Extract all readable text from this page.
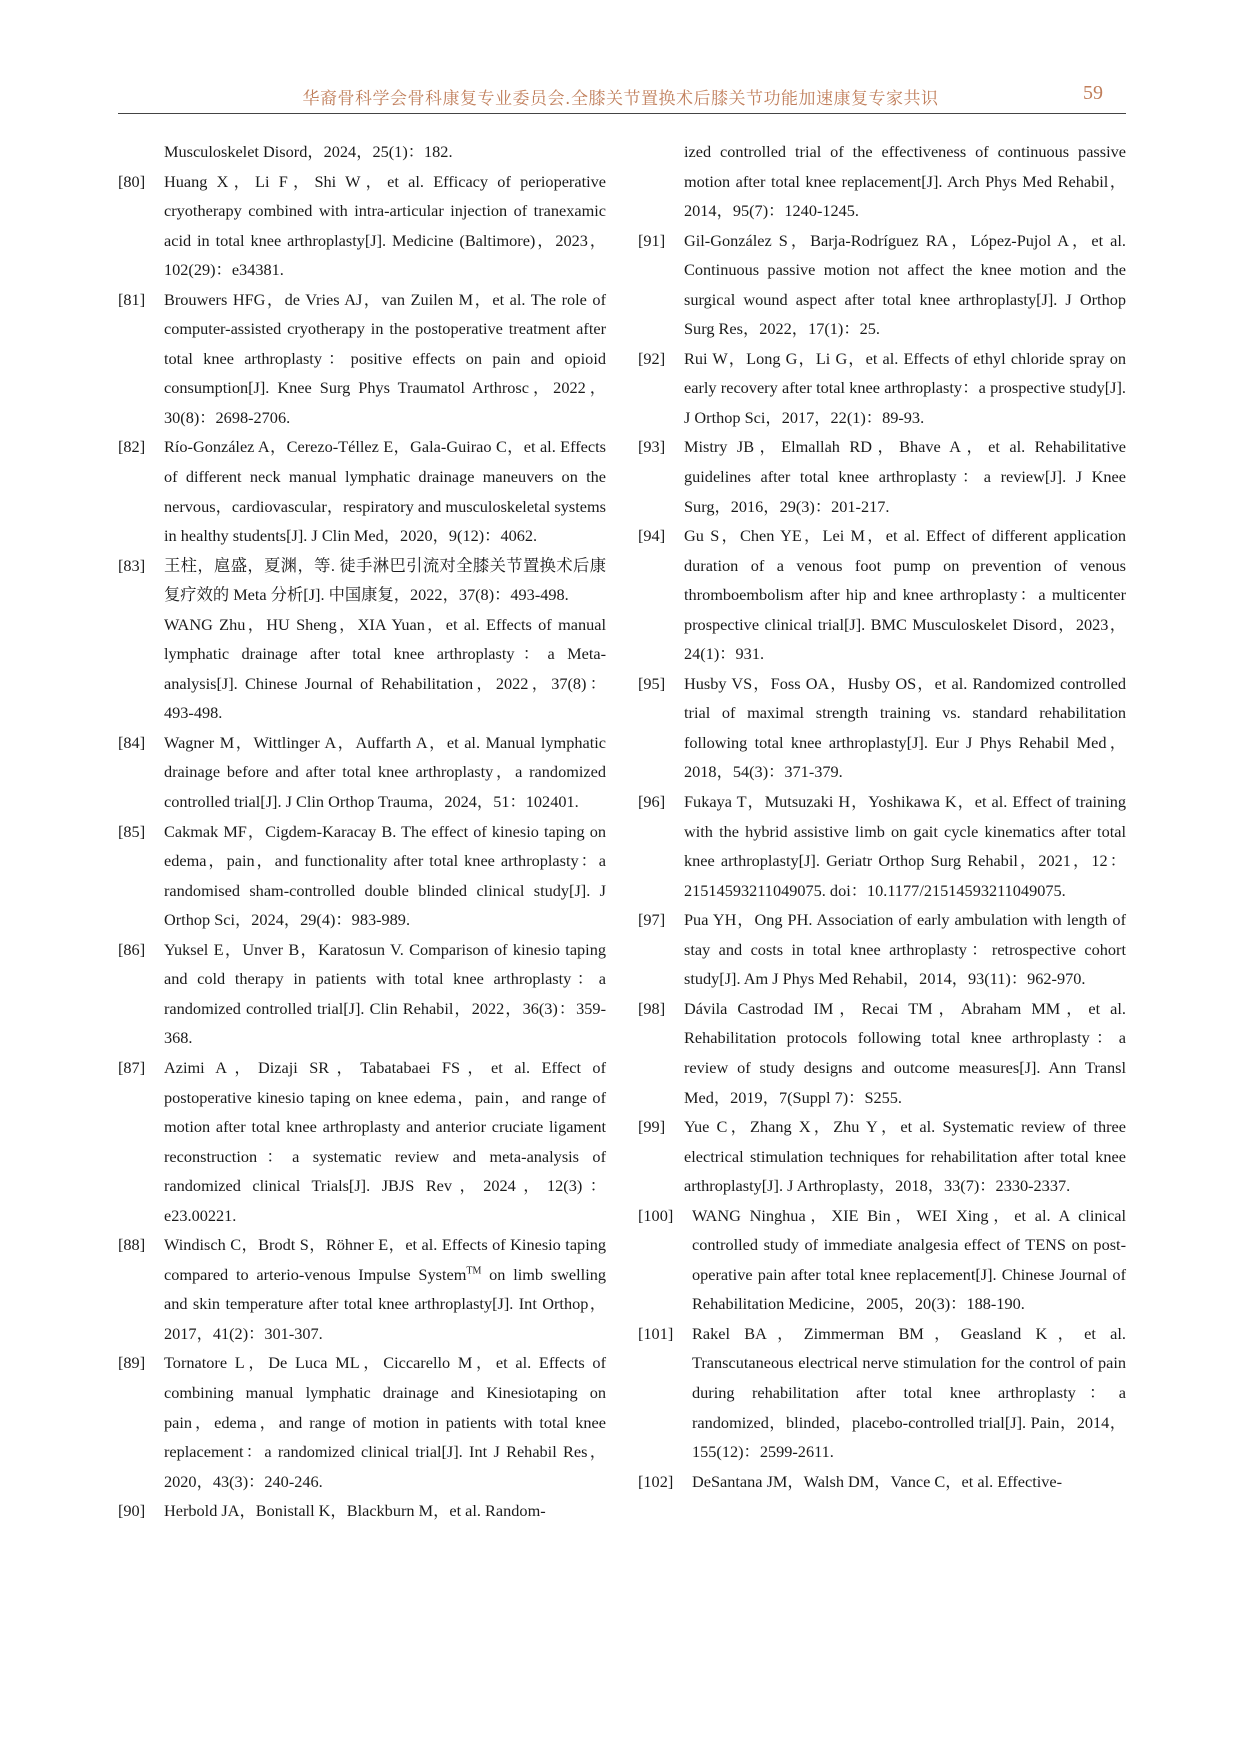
华裔骨科学会骨科康复专业委员会.全膝关节置换术后膝关节功能加速康复专家共识	59

Musculoskelet Disord，2024，25(1)：182.

[80] Huang X，Li F，Shi W，et al. Efficacy of perioperative cryotherapy combined with intra-articular injection of tranexamic acid in total knee arthroplasty[J]. Medicine (Baltimore)，2023，102(29)：e34381.

[81] Brouwers HFG，de Vries AJ，van Zuilen M，et al. The role of computer-assisted cryotherapy in the postoperative treatment after total knee arthroplasty：positive effects on pain and opioid consumption[J]. Knee Surg Phys Traumatol Arthrosc，2022，30(8)：2698-2706.

[82] Río-González A，Cerezo-Téllez E，Gala-Guirao C，et al. Effects of different neck manual lymphatic drainage maneuvers on the nervous，cardiovascular，respiratory and musculoskeletal systems in healthy students[J]. J Clin Med，2020，9(12)：4062.

[83] 王柱，扈盛，夏渊，等. 徒手淋巴引流对全膝关节置换术后康复疗效的 Meta 分析[J]. 中国康复，2022，37(8)：493-498.

WANG Zhu，HU Sheng，XIA Yuan，et al. Effects of manual lymphatic drainage after total knee arthroplasty：a Meta-analysis[J]. Chinese Journal of Rehabilitation，2022，37(8)：493-498.

[84] Wagner M，Wittlinger A，Auffarth A，et al. Manual lymphatic drainage before and after total knee arthroplasty，a randomized controlled trial[J]. J Clin Orthop Trauma，2024，51：102401.

[85] Cakmak MF，Cigdem-Karacay B. The effect of kinesio taping on edema，pain，and functionality after total knee arthroplasty：a randomised sham-controlled double blinded clinical study[J]. J Orthop Sci，2024，29(4)：983-989.

[86] Yuksel E，Unver B，Karatosun V. Comparison of kinesio taping and cold therapy in patients with total knee arthroplasty：a randomized controlled trial[J]. Clin Rehabil，2022，36(3)：359-368.

[87] Azimi A，Dizaji SR，Tabatabaei FS，et al. Effect of postoperative kinesio taping on knee edema，pain，and range of motion after total knee arthroplasty and anterior cruciate ligament reconstruction：a systematic review and meta-analysis of randomized clinical Trials[J]. JBJS Rev，2024，12(3)：e23.00221.

[88] Windisch C，Brodt S，Röhner E，et al. Effects of Kinesio taping compared to arterio-venous Impulse System™ on limb swelling and skin temperature after total knee arthroplasty[J]. Int Orthop，2017，41(2)：301-307.

[89] Tornatore L，De Luca ML，Ciccarello M，et al. Effects of combining manual lymphatic drainage and Kinesiotaping on pain，edema，and range of motion in patients with total knee replacement：a randomized clinical trial[J]. Int J Rehabil Res，2020，43(3)：240-246.

[90] Herbold JA，Bonistall K，Blackburn M，et al. Random-

ized controlled trial of the effectiveness of continuous passive motion after total knee replacement[J]. Arch Phys Med Rehabil，2014，95(7)：1240-1245.

[91] Gil-González S，Barja-Rodríguez RA，López-Pujol A，et al. Continuous passive motion not affect the knee motion and the surgical wound aspect after total knee arthroplasty[J]. J Orthop Surg Res，2022，17(1)：25.

[92] Rui W，Long G，Li G，et al. Effects of ethyl chloride spray on early recovery after total knee arthroplasty：a prospective study[J]. J Orthop Sci，2017，22(1)：89-93.

[93] Mistry JB，Elmallah RD，Bhave A，et al. Rehabilitative guidelines after total knee arthroplasty：a review[J]. J Knee Surg，2016，29(3)：201-217.

[94] Gu S，Chen YE，Lei M，et al. Effect of different application duration of a venous foot pump on prevention of venous thromboembolism after hip and knee arthroplasty：a multicenter prospective clinical trial[J]. BMC Musculoskelet Disord，2023，24(1)：931.

[95] Husby VS，Foss OA，Husby OS，et al. Randomized controlled trial of maximal strength training vs. standard rehabilitation following total knee arthroplasty[J]. Eur J Phys Rehabil Med，2018，54(3)：371-379.

[96] Fukaya T，Mutsuzaki H，Yoshikawa K，et al. Effect of training with the hybrid assistive limb on gait cycle kinematics after total knee arthroplasty[J]. Geriatr Orthop Surg Rehabil，2021，12：21514593211049075. doi：10.1177/21514593211049075.

[97] Pua YH，Ong PH. Association of early ambulation with length of stay and costs in total knee arthroplasty：retrospective cohort study[J]. Am J Phys Med Rehabil，2014，93(11)：962-970.

[98] Dávila Castrodad IM，Recai TM，Abraham MM，et al. Rehabilitation protocols following total knee arthroplasty：a review of study designs and outcome measures[J]. Ann Transl Med，2019，7(Suppl 7)：S255.

[99] Yue C，Zhang X，Zhu Y，et al. Systematic review of three electrical stimulation techniques for rehabilitation after total knee arthroplasty[J]. J Arthroplasty，2018，33(7)：2330-2337.

[100] WANG Ninghua，XIE Bin，WEI Xing，et al. A clinical controlled study of immediate analgesia effect of TENS on post-operative pain after total knee replacement[J]. Chinese Journal of Rehabilitation Medicine，2005，20(3)：188-190.

[101] Rakel BA，Zimmerman BM，Geasland K，et al. Transcutaneous electrical nerve stimulation for the control of pain during rehabilitation after total knee arthroplasty：a randomized，blinded，placebo-controlled trial[J]. Pain，2014，155(12)：2599-2611.

[102] DeSantana JM，Walsh DM，Vance C，et al. Effective-
